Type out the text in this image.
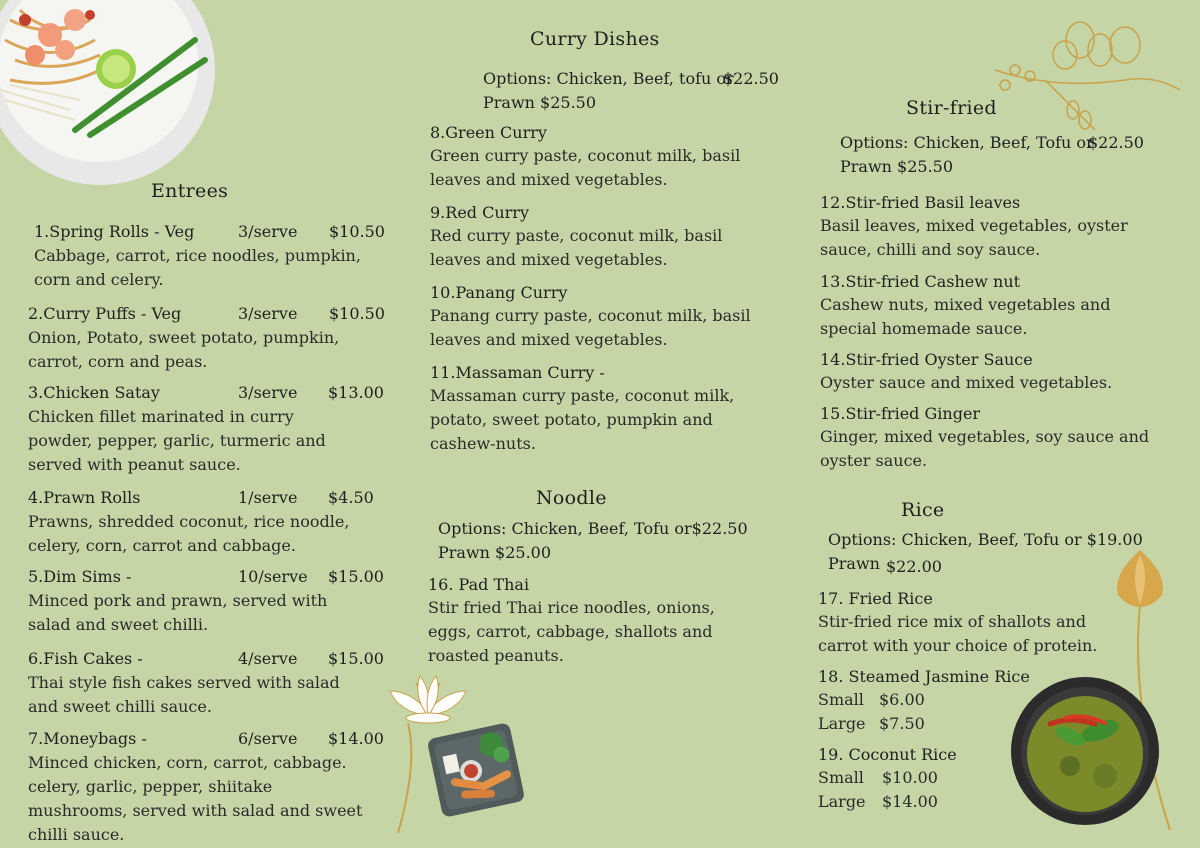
Entrees
1.Spring Rolls - Veg	3/serve $10.50
Cabbage, carrot, rice noodles, pumpkin, corn and celery.
2.Curry Puffs - Veg	3/serve $10.50
Onion, Potato, sweet potato, pumpkin, carrot, corn and peas.
3.Chicken Satay	3/serve $13.00
Chicken fillet marinated in curry powder, pepper, garlic, turmeric and served with peanut sauce.
4.Prawn Rolls	1/serve $4.50
Prawns, shredded coconut, rice noodle, celery, corn, carrot and cabbage.
5.Dim Sims -	10/serve $15.00
Minced pork and prawn, served with salad and sweet chilli.
6.Fish Cakes -	4/serve $15.00
Thai style fish cakes served with salad and sweet chilli sauce.
7.Moneybags -	6/serve $14.00
Minced chicken, corn, carrot, cabbage. celery, garlic, pepper, shiitake mushrooms, served with salad and sweet chilli sauce.
Curry Dishes
Options: Chicken, Beef, tofu or
$22.50
Prawn $25.50
8.Green Curry
Green curry paste, coconut milk, basil leaves and mixed vegetables.
9.Red Curry
Red curry paste, coconut milk, basil leaves and mixed vegetables.
10.Panang Curry
Panang curry paste, coconut milk, basil leaves and mixed vegetables.
11.Massaman Curry -
Massaman curry paste, coconut milk, potato, sweet potato, pumpkin and cashew-nuts.
Noodle
Options: Chicken, Beef, Tofu or$22.50
Prawn $25.00
16. Pad Thai
Stir fried Thai rice noodles, onions, eggs, carrot, cabbage, shallots and roasted peanuts.
Stir-fried
Options: Chicken, Beef, Tofu or
$22.50
Prawn $25.50
12.Stir-fried Basil leaves
Basil leaves, mixed vegetables, oyster sauce, chilli and soy sauce.
13.Stir-fried Cashew nut
Cashew nuts, mixed vegetables and special homemade sauce.
14.Stir-fried Oyster Sauce
Oyster sauce and mixed vegetables.
15.Stir-fried Ginger
Ginger, mixed vegetables, soy sauce and oyster sauce.
Rice
Options: Chicken, Beef, Tofu or $19.00
Prawn $22.00
17. Fried Rice
Stir-fried rice mix of shallots and carrot with your choice of protein.
18. Steamed Jasmine Rice
Small $6.00
Large $7.50
19. Coconut Rice
Small $10.00
Large $14.00
